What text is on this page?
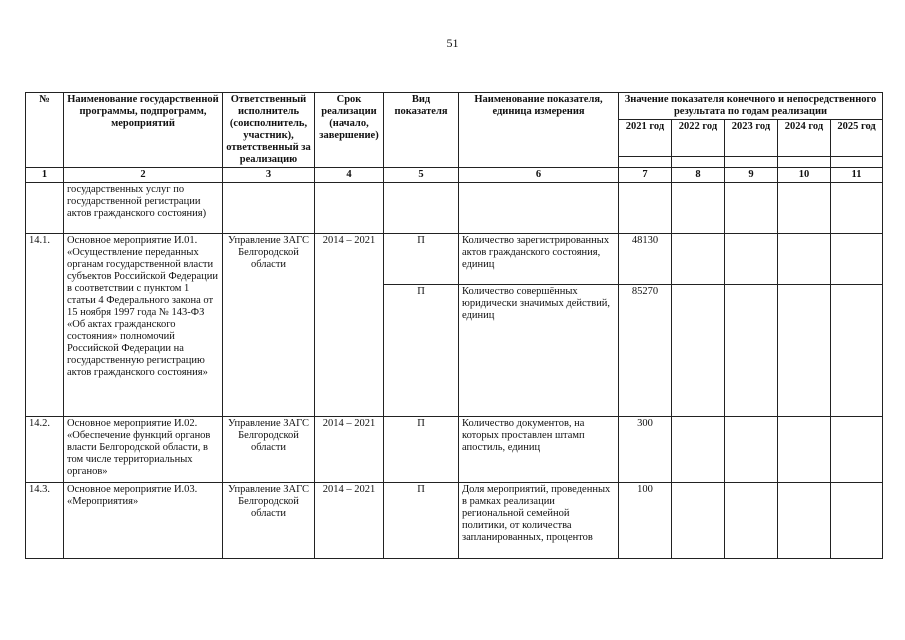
51
№	Наименование государственной программы, подпрограмм, мероприятий	Ответственный исполнитель (соисполнитель, участник), ответственный за реализацию	Срок реализации (начало, завершение)	Вид показателя	Наименование показателя, единица измерения	Значение показателя конечного и непосредственного результата по годам реализации				
						2021 год	2022 год	2023 год	2024 год	2025 год

1	2	3	4	5	6	7	8	9	10	11
	государственных услуг по государственной регистрации актов гражданского состояния)									
14.1.	Основное мероприятие И.01. «Осуществление переданных органам государственной власти субъектов Российской Федерации в соответствии с пунктом 1 статьи 4 Федерального закона от 15 ноября 1997 года № 143-ФЗ «Об актах гражданского состояния» полномочий Российской Федерации на государственную регистрацию актов гражданского состояния»	Управление ЗАГС Белгородской области	2014 – 2021	П	Количество зарегистрированных актов гражданского состояния, единиц	48130				
				П	Количество совершённых юридически значимых действий, единиц	85270				
14.2.	Основное мероприятие И.02. «Обеспечение функций органов власти Белгородской области, в том числе территориальных органов»	Управление ЗАГС Белгородской области	2014 – 2021	П	Количество документов, на которых проставлен штамп апостиль, единиц	300				
14.3.	Основное мероприятие И.03. «Мероприятия»	Управление ЗАГС Белгородской области	2014 – 2021	П	Доля мероприятий, проведенных в рамках реализации региональной семейной политики, от количества запланированных, процентов	100				
